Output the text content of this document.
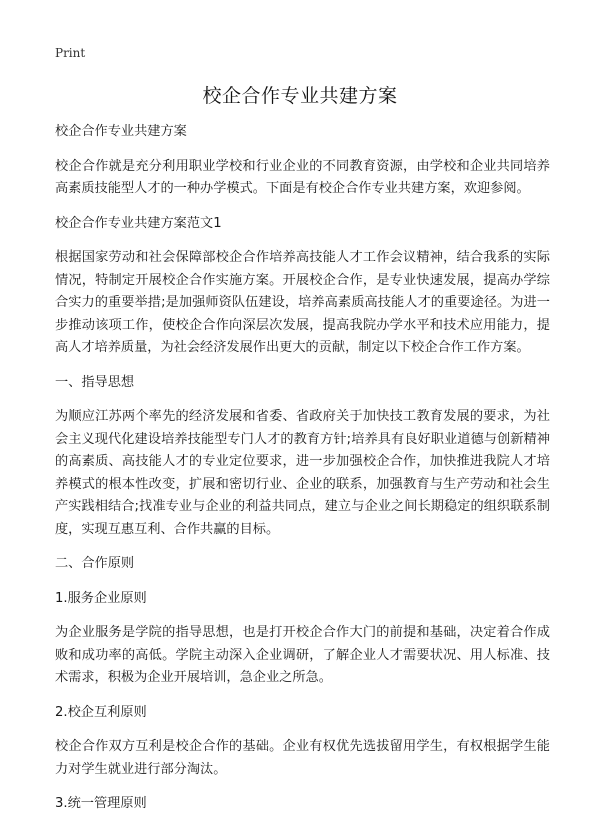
Print
校企合作专业共建方案

校企合作专业共建方案

校企合作就是充分利用职业学校和行业企业的不同教育资源，由学校和企业共同培养高素质技能型人才的一种办学模式。下面是有校企合作专业共建方案，欢迎参阅。

校企合作专业共建方案范文1

根据国家劳动和社会保障部校企合作培养高技能人才工作会议精神，结合我系的实际情况，特制定开展校企合作实施方案。开展校企合作，是专业快速发展，提高办学综合实力的重要举措;是加强师资队伍建设，培养高素质高技能人才的重要途径。为进一步推动该项工作，使校企合作向深层次发展，提高我院办学水平和技术应用能力，提高人才培养质量，为社会经济发展作出更大的贡献，制定以下校企合作工作方案。

一、指导思想

为顺应江苏两个率先的经济发展和省委、省政府关于加快技工教育发展的要求，为社会主义现代化建设培养技能型专门人才的教育方针;培养具有良好职业道德与创新精神的高素质、高技能人才的专业定位要求，进一步加强校企合作，加快推进我院人才培养模式的根本性改变，扩展和密切行业、企业的联系，加强教育与生产劳动和社会生产实践相结合;找准专业与企业的利益共同点，建立与企业之间长期稳定的组织联系制度，实现互惠互利、合作共赢的目标。

二、合作原则

1.服务企业原则

为企业服务是学院的指导思想，也是打开校企合作大门的前提和基础，决定着合作成败和成功率的高低。学院主动深入企业调研，了解企业人才需要状况、用人标准、技术需求，积极为企业开展培训，急企业之所急。

2.校企互利原则

校企合作双方互利是校企合作的基础。企业有权优先选拔留用学生，有权根据学生能力对学生就业进行部分淘汰。

3.统一管理原则
